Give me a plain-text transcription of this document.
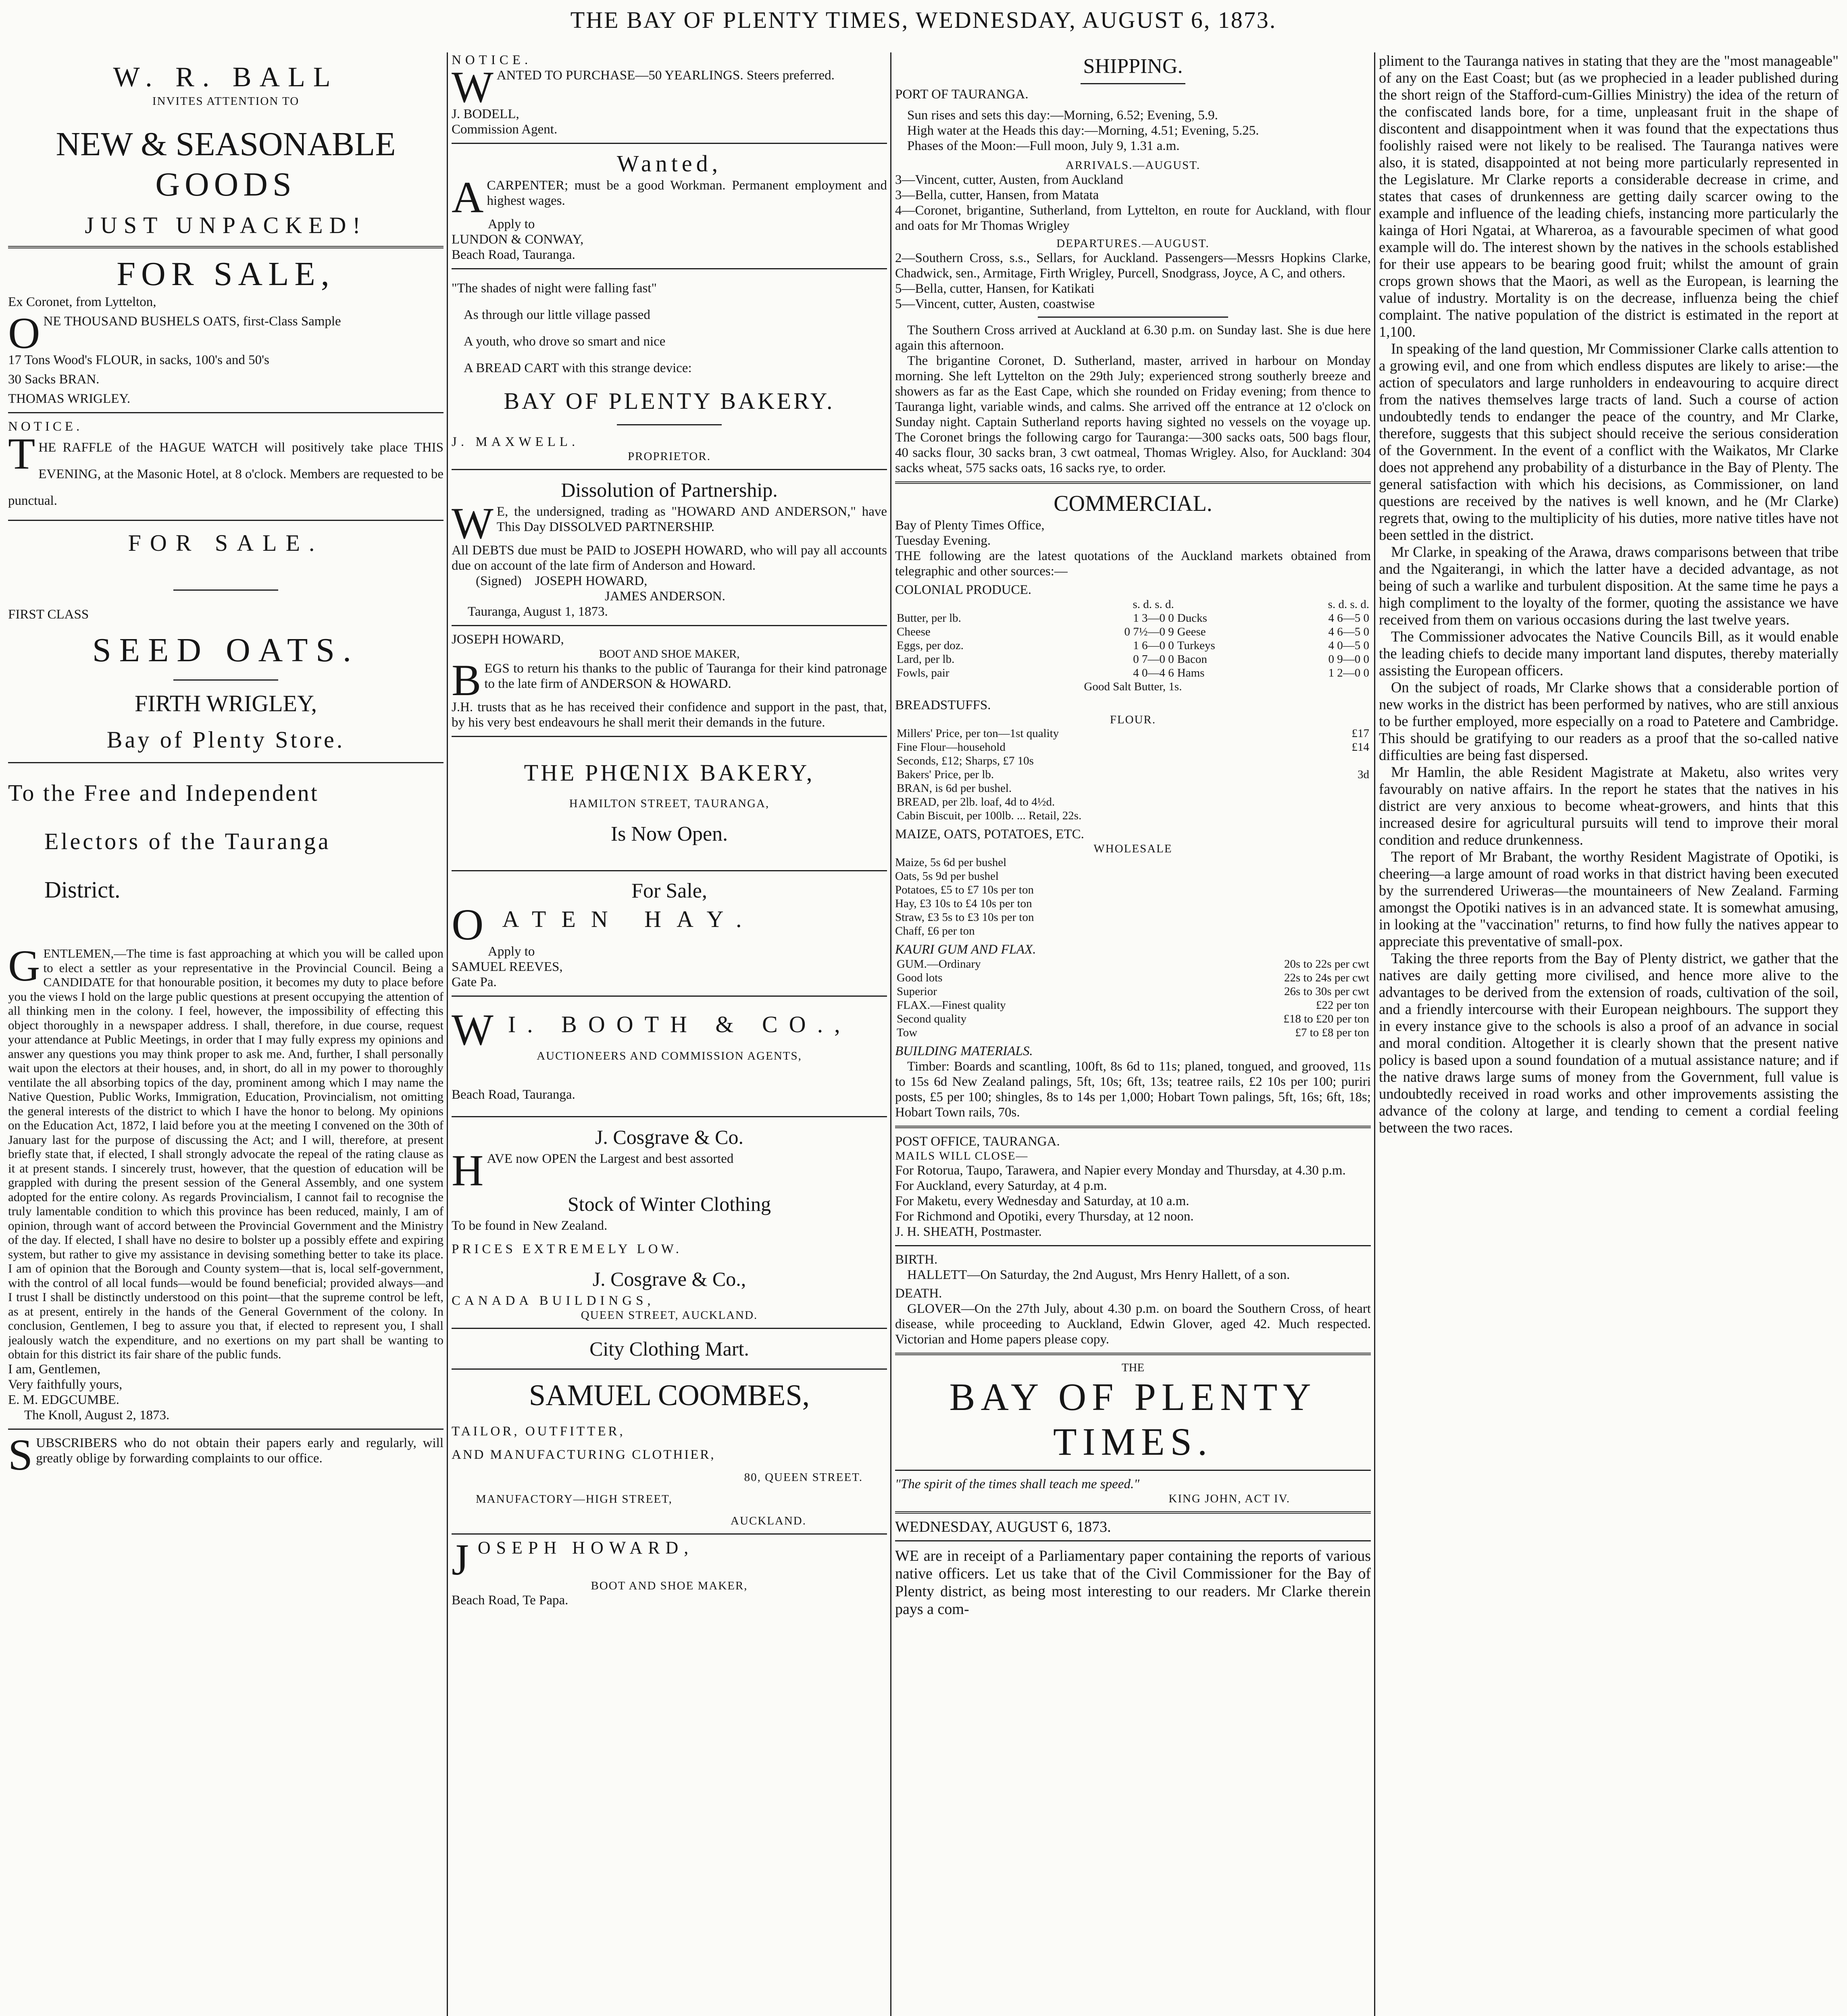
THE BAY OF PLENTY TIMES, WEDNESDAY, AUGUST 6, 1873.
W. R. BALL
INVITES ATTENTION TO
NEW & SEASONABLE
GOODS
JUST UNPACKED!
FOR SALE,
Ex Coronet, from Lyttelton,

ONE THOUSAND BUSHELS OATS, first-Class Sample

17 Tons Wood's FLOUR, in sacks, 100's and 50's

30 Sacks BRAN.

THOMAS WRIGLEY.

NOTICE.

THE RAFFLE of the HAGUE WATCH will positively take place THIS EVENING, at the Masonic Hotel, at 8 o'clock. Members are requested to be punctual.

FOR SALE.
FIRST CLASS
SEED OATS.
FIRTH WRIGLEY,
Bay of Plenty Store.
To the Free and Independent
Electors of the Tauranga
District.

GENTLEMEN,—The time is fast approaching at which you will be called upon to elect a settler as your representative in the Provincial Council. Being a CANDIDATE for that honourable position, it becomes my duty to place before you the views I hold on the large public questions at present occupying the attention of all thinking men in the colony. I feel, however, the impossibility of effecting this object thoroughly in a newspaper address. I shall, therefore, in due course, request your attendance at Public Meetings, in order that I may fully express my opinions and answer any questions you may think proper to ask me. And, further, I shall personally wait upon the electors at their houses, and, in short, do all in my power to thoroughly ventilate the all absorbing topics of the day, prominent among which I may name the Native Question, Public Works, Immigration, Education, Provincialism, not omitting the general interests of the district to which I have the honor to belong. My opinions on the Education Act, 1872, I laid before you at the meeting I convened on the 30th of January last for the purpose of discussing the Act; and I will, therefore, at present briefly state that, if elected, I shall strongly advocate the repeal of the rating clause as it at present stands. I sincerely trust, however, that the question of education will be grappled with during the present session of the General Assembly, and one system adopted for the entire colony. As regards Provincialism, I cannot fail to recognise the truly lamentable condition to which this province has been reduced, mainly, I am of opinion, through want of accord between the Provincial Government and the Ministry of the day. If elected, I shall have no desire to bolster up a possibly effete and expiring system, but rather to give my assistance in devising something better to take its place. I am of opinion that the Borough and County system—that is, local self-government, with the control of all local funds—would be found beneficial; provided always—and I trust I shall be distinctly understood on this point—that the supreme control be left, as at present, entirely in the hands of the General Government of the colony. In conclusion, Gentlemen, I beg to assure you that, if elected to represent you, I shall jealously watch the expenditure, and no exertions on my part shall be wanting to obtain for this district its fair share of the public funds.

I am, Gentlemen,

Very faithfully yours,

E. M. EDGCUMBE.

The Knoll, August 2, 1873.

SUBSCRIBERS who do not obtain their papers early and regularly, will greatly oblige by forwarding complaints to our office.

NOTICE.

WANTED TO PURCHASE—50 YEARLINGS. Steers preferred.

J. BODELL,

Commission Agent.

Wanted,

ACARPENTER; must be a good Workman. Permanent employment and highest wages.

Apply to

LUNDON & CONWAY,

Beach Road, Tauranga.

"The shades of night were falling fast"

As through our little village passed

A youth, who drove so smart and nice

A BREAD CART with this strange device:

BAY OF PLENTY BAKERY.
J. MAXWELL.
PROPRIETOR.
Dissolution of Partnership.

W E, the undersigned, trading as "HOWARD AND ANDERSON," have This Day DISSOLVED PARTNERSHIP.

All DEBTS due must be PAID to JOSEPH HOWARD, who will pay all accounts due on account of the late firm of Anderson and Howard.

(Signed) JOSEPH HOWARD,

JAMES ANDERSON.

Tauranga, August 1, 1873.

JOSEPH HOWARD,
BOOT AND SHOE MAKER,

BEGS to return his thanks to the public of Tauranga for their kind patronage to the late firm of ANDERSON & HOWARD.

J.H. trusts that as he has received their confidence and support in the past, that, by his very best endeavours he shall merit their demands in the future.

THE PHŒNIX BAKERY,
HAMILTON STREET, TAURANGA,
Is Now Open.
For Sale,

OATEN HAY.

Apply to

SAMUEL REEVES,

Gate Pa.

W I. BOOTH & CO.,

AUCTIONEERS AND COMMISSION AGENTS,
Beach Road, Tauranga.
J. Cosgrave & Co.

HAVE now OPEN the Largest and best assorted

Stock of Winter Clothing
To be found in New Zealand.
PRICES EXTREMELY LOW.
J. Cosgrave & Co.,
CANADA BUILDINGS,
QUEEN STREET, AUCKLAND.
City Clothing Mart.
SAMUEL COOMBES,
TAILOR, OUTFITTER,
AND MANUFACTURING CLOTHIER,
80, QUEEN STREET.
MANUFACTORY—HIGH STREET,
AUCKLAND.

JOSEPH HOWARD,

BOOT AND SHOE MAKER,
Beach Road, Te Papa.
SHIPPING.
PORT OF TAURANGA.

Sun rises and sets this day:—Morning, 6.52; Evening, 5.9.

High water at the Heads this day:—Morning, 4.51; Evening, 5.25.

Phases of the Moon:—Full moon, July 9, 1.31 a.m.

ARRIVALS.—AUGUST.

3—Vincent, cutter, Austen, from Auckland

3—Bella, cutter, Hansen, from Matata

4—Coronet, brigantine, Sutherland, from Lyttelton, en route for Auckland, with flour and oats for Mr Thomas Wrigley

DEPARTURES.—AUGUST.

2—Southern Cross, s.s., Sellars, for Auckland. Passengers—Messrs Hopkins Clarke, Chadwick, sen., Armitage, Firth Wrigley, Purcell, Snodgrass, Joyce, A C, and others.

5—Bella, cutter, Hansen, for Katikati

5—Vincent, cutter, Austen, coastwise

The Southern Cross arrived at Auckland at 6.30 p.m. on Sunday last. She is due here again this afternoon.

The brigantine Coronet, D. Sutherland, master, arrived in harbour on Monday morning. She left Lyttelton on the 29th July; experienced strong southerly breeze and showers as far as the East Cape, which she rounded on Friday evening; from thence to Tauranga light, variable winds, and calms. She arrived off the entrance at 12 o'clock on Sunday night. Captain Sutherland reports having sighted no vessels on the voyage up. The Coronet brings the following cargo for Tauranga:—300 sacks oats, 500 bags flour, 40 sacks flour, 30 sacks bran, 3 cwt oatmeal, Thomas Wrigley. Also, for Auckland: 304 sacks wheat, 575 sacks oats, 16 sacks rye, to order.

COMMERCIAL.
Bay of Plenty Times Office,
Tuesday Evening.

THE following are the latest quotations of the Auckland markets obtained from telegraphic and other sources:—

COLONIAL PRODUCE.
	s. d. s. d.		s. d. s. d.
Butter, per lb.	1 3—0 0	Ducks	4 6—5 0
Cheese	0 7½—0 9	Geese	4 6—5 0
Eggs, per doz.	1 6—0 0	Turkeys	4 0—5 0
Lard, per lb.	0 7—0 0	Bacon	0 9—0 0
Fowls, pair	4 0—4 6	Hams	1 2—0 0
Good Salt Butter, 1s.
BREADSTUFFS.
FLOUR.
Millers' Price, per ton—1st quality	£17
Fine Flour—household	£14
Seconds, £12; Sharps, £7 10s	
Bakers' Price, per lb.	3d
BRAN, is 6d per bushel.	
BREAD, per 2lb. loaf, 4d to 4½d.	
Cabin Biscuit, per 100lb. ... Retail, 22s.	
MAIZE, OATS, POTATOES, ETC.
WHOLESALE

Maize, 5s 6d per bushel

Oats, 5s 9d per bushel

Potatoes, £5 to £7 10s per ton

Hay, £3 10s to £4 10s per ton

Straw, £3 5s to £3 10s per ton

Chaff, £6 per ton

KAURI GUM AND FLAX.
GUM.—Ordinary	20s to 22s per cwt
Good lots	22s to 24s per cwt
Superior	26s to 30s per cwt
FLAX.—Finest quality	£22 per ton
Second quality	£18 to £20 per ton
Tow	£7 to £8 per ton
BUILDING MATERIALS.

Timber: Boards and scantling, 100ft, 8s 6d to 11s; planed, tongued, and grooved, 11s to 15s 6d New Zealand palings, 5ft, 10s; 6ft, 13s; teatree rails, £2 10s per 100; puriri posts, £5 per 100; shingles, 8s to 14s per 1,000; Hobart Town palings, 5ft, 16s; 6ft, 18s; Hobart Town rails, 70s.

POST OFFICE, TAURANGA.
MAILS WILL CLOSE—

For Rotorua, Taupo, Tarawera, and Napier every Monday and Thursday, at 4.30 p.m.

For Auckland, every Saturday, at 4 p.m.

For Maketu, every Wednesday and Saturday, at 10 a.m.

For Richmond and Opotiki, every Thursday, at 12 noon.

J. H. SHEATH, Postmaster.
BIRTH.

HALLETT—On Saturday, the 2nd August, Mrs Henry Hallett, of a son.

DEATH.

GLOVER—On the 27th July, about 4.30 p.m. on board the Southern Cross, of heart disease, while proceeding to Auckland, Edwin Glover, aged 42. Much respected. Victorian and Home papers please copy.

THE
BAY OF PLENTY TIMES.
"The spirit of the times shall teach me speed."
KING JOHN, ACT IV.
WEDNESDAY, AUGUST 6, 1873.

WE are in receipt of a Parliamentary paper containing the reports of various native officers. Let us take that of the Civil Commissioner for the Bay of Plenty district, as being most interesting to our readers. Mr Clarke therein pays a com-

pliment to the Tauranga natives in stating that they are the "most manageable" of any on the East Coast; but (as we prophecied in a leader published during the short reign of the Stafford-cum-Gillies Ministry) the idea of the return of the confiscated lands bore, for a time, unpleasant fruit in the shape of discontent and disappointment when it was found that the expectations thus foolishly raised were not likely to be realised. The Tauranga natives were also, it is stated, disappointed at not being more particularly represented in the Legislature. Mr Clarke reports a considerable decrease in crime, and states that cases of drunkenness are getting daily scarcer owing to the example and influence of the leading chiefs, instancing more particularly the kainga of Hori Ngatai, at Wharerоa, as a favourable specimen of what good example will do. The interest shown by the natives in the schools established for their use appears to be bearing good fruit; whilst the amount of grain crops grown shows that the Maori, as well as the European, is learning the value of industry. Mortality is on the decrease, influenza being the chief complaint. The native population of the district is estimated in the report at 1,100.

In speaking of the land question, Mr Commissioner Clarke calls attention to a growing evil, and one from which endless disputes are likely to arise:—the action of speculators and large runholders in endeavouring to acquire direct from the natives themselves large tracts of land. Such a course of action undoubtedly tends to endanger the peace of the country, and Mr Clarke, therefore, suggests that this subject should receive the serious consideration of the Government. In the event of a conflict with the Waikatos, Mr Clarke does not apprehend any probability of a disturbance in the Bay of Plenty. The general satisfaction with which his decisions, as Commissioner, on land questions are received by the natives is well known, and he (Mr Clarke) regrets that, owing to the multiplicity of his duties, more native titles have not been settled in the district.

Mr Clarke, in speaking of the Arawa, draws comparisons between that tribe and the Ngaiterangi, in which the latter have a decided advantage, as not being of such a warlike and turbulent disposition. At the same time he pays a high compliment to the loyalty of the former, quoting the assistance we have received from them on various occasions during the last twelve years.

The Commissioner advocates the Native Councils Bill, as it would enable the leading chiefs to decide many important land disputes, thereby materially assisting the European officers.

On the subject of roads, Mr Clarke shows that a considerable portion of new works in the district has been performed by natives, who are still anxious to be further employed, more especially on a road to Patetere and Cambridge. This should be gratifying to our readers as a proof that the so-called native difficulties are being fast dispersed.

Mr Hamlin, the able Resident Magistrate at Maketu, also writes very favourably on native affairs. In the report he states that the natives in his district are very anxious to become wheat-growers, and hints that this increased desire for agricultural pursuits will tend to improve their moral condition and reduce drunkenness.

The report of Mr Brabant, the worthy Resident Magistrate of Opotiki, is cheering—a large amount of road works in that district having been executed by the surrendered Uriweras—the mountaineers of New Zealand. Farming amongst the Opotiki natives is in an advanced state. It is somewhat amusing, in looking at the "vaccination" returns, to find how fully the natives appear to appreciate this preventative of small-pox.

Taking the three reports from the Bay of Plenty district, we gather that the natives are daily getting more civilised, and hence more alive to the advantages to be derived from the extension of roads, cultivation of the soil, and a friendly intercourse with their European neighbours. The support they in every instance give to the schools is also a proof of an advance in social and moral condition. Altogether it is clearly shown that the present native policy is based upon a sound foundation of a mutual assistance nature; and if the native draws large sums of money from the Government, full value is undoubtedly received in road works and other improvements assisting the advance of the colony at large, and tending to cement a cordial feeling between the two races.
